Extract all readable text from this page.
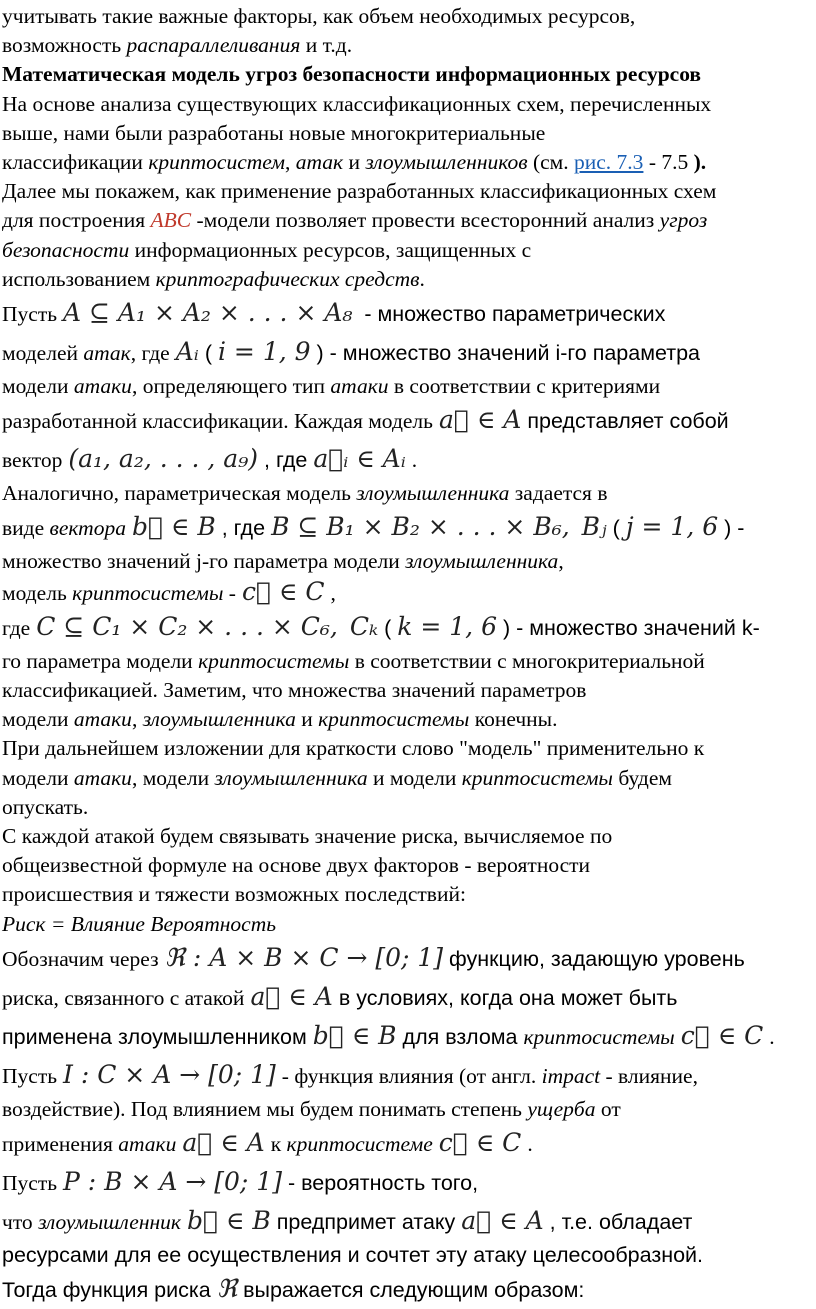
учитывать такие важные факторы, как объем необходимых ресурсов,
возможность распараллеливания и т.д.
Математическая модель угроз безопасности информационных ресурсов
На основе анализа существующих классификационных схем, перечисленных
выше, нами были разработаны новые многокритериальные
классификации криптосистем, атак и злоумышленников (см. рис. 7.3 - 7.5 ).
Далее мы покажем, как применение разработанных классификационных схем
для построения ABC -модели позволяет провести всесторонний анализ угроз
безопасности информационных ресурсов, защищенных с
использованием криптографических средств.
Пусть A ⊆ A₁ × A₂ × . . . × A₈ - множество параметрических
моделей атак, где Aᵢ ( i = 1, 9 ) - множество значений i-го параметра
модели атаки, определяющего тип атаки в соответствии с критериями
разработанной классификации. Каждая модель a⃗ ∈ A представляет собой
вектор (a₁, a₂, . . . , a₉) , где a⃗ᵢ ∈ Aᵢ .
Аналогично, параметрическая модель злоумышленника задается в
виде вектора b⃗ ∈ B , где B ⊆ B₁ × B₂ × . . . × B₆, Bⱼ ( j = 1, 6 ) -
множество значений j-го параметра модели злоумышленника,
модель криптосистемы - c⃗ ∈ C ,
где C ⊆ C₁ × C₂ × . . . × C₆, Cₖ ( k = 1, 6 ) - множество значений k-
го параметра модели криптосистемы в соответствии с многокритериальной
классификацией. Заметим, что множества значений параметров
модели атаки, злоумышленника и криптосистемы конечны.
При дальнейшем изложении для краткости слово "модель" применительно к
модели атаки, модели злоумышленника и модели криптосистемы будем
опускать.
С каждой атакой будем связывать значение риска, вычисляемое по
общеизвестной формуле на основе двух факторов - вероятности
происшествия и тяжести возможных последствий:
Риск = Влияние Вероятность
Обозначим через ℜ : A × B × C → [0; 1] функцию, задающую уровень
риска, связанного с атакой a⃗ ∈ A в условиях, когда она может быть
применена злоумышленником b⃗ ∈ B для взлома криптосистемы c⃗ ∈ C .
Пусть I : C × A → [0; 1] - функция влияния (от англ. impact - влияние,
воздействие). Под влиянием мы будем понимать степень ущерба от
применения атаки a⃗ ∈ A к криптосистеме c⃗ ∈ C .
Пусть P : B × A → [0; 1] - вероятность того,
что злоумышленник b⃗ ∈ B предпримет атаку a⃗ ∈ A , т.е. обладает
ресурсами для ее осуществления и сочтет эту атаку целесообразной.
Тогда функция риска ℜ выражается следующим образом:
